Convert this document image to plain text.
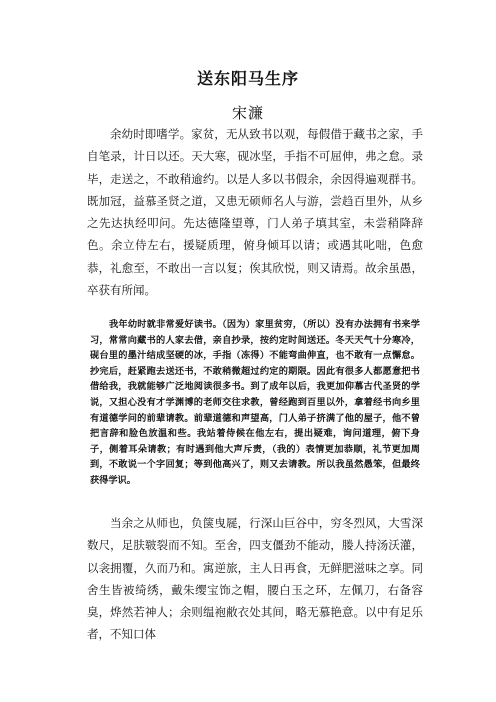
送东阳马生序
宋濂

余幼时即嗜学。家贫，无从致书以观，每假借于藏书之家，手自笔录，计日以还。天大寒，砚冰坚，手指不可屈伸，弗之怠。录毕，走送之，不敢稍逾约。以是人多以书假余，余因得遍观群书。既加冠，益慕圣贤之道，又患无硕师名人与游，尝趋百里外，从乡之先达执经叩问。先达德隆望尊，门人弟子填其室，未尝稍降辞色。余立侍左右，援疑质理，俯身倾耳以请；或遇其叱咄，色愈恭，礼愈至，不敢出一言以复；俟其欣悦，则又请焉。故余虽愚，卒获有所闻。

我年幼时就非常爱好读书。（因为）家里贫穷，（所以）没有办法拥有书来学习，常常向藏书的人家去借，亲自抄录，按约定时间送还。冬天天气十分寒冷，砚台里的墨汁结成坚硬的冰，手指（冻得）不能弯曲伸直，也不敢有一点懈怠。抄完后，赶紧跑去送还书，不敢稍微超过约定的期限。因此有很多人都愿意把书借给我，我就能够广泛地阅读很多书。到了成年以后，我更加仰慕古代圣贤的学说，又担心没有才学渊博的老师交往求教，曾经跑到百里以外，拿着经书向乡里有道德学问的前辈请教。前辈道德和声望高，门人弟子挤满了他的屋子，他不曾把言辞和脸色放温和些。我站着侍候在他左右，提出疑难，询问道理，俯下身子，侧着耳朵请教；有时遇到他大声斥责，（我的）表情更加恭顺，礼节更加周到，不敢说一个字回复；等到他高兴了，则又去请教。所以我虽然愚笨，但最终获得学识。

当余之从师也，负箧曳屣，行深山巨谷中，穷冬烈风，大雪深数尺，足肤皲裂而不知。至舍，四支僵劲不能动，媵人持汤沃灌，以衾拥覆，久而乃和。寓逆旅，主人日再食，无鲜肥滋味之享。同舍生皆被绮绣，戴朱缨宝饰之帽，腰白玉之环，左佩刀，右备容臭，烨然若神人；余则缊袍敝衣处其间，略无慕艳意。以中有足乐者，不知口体
